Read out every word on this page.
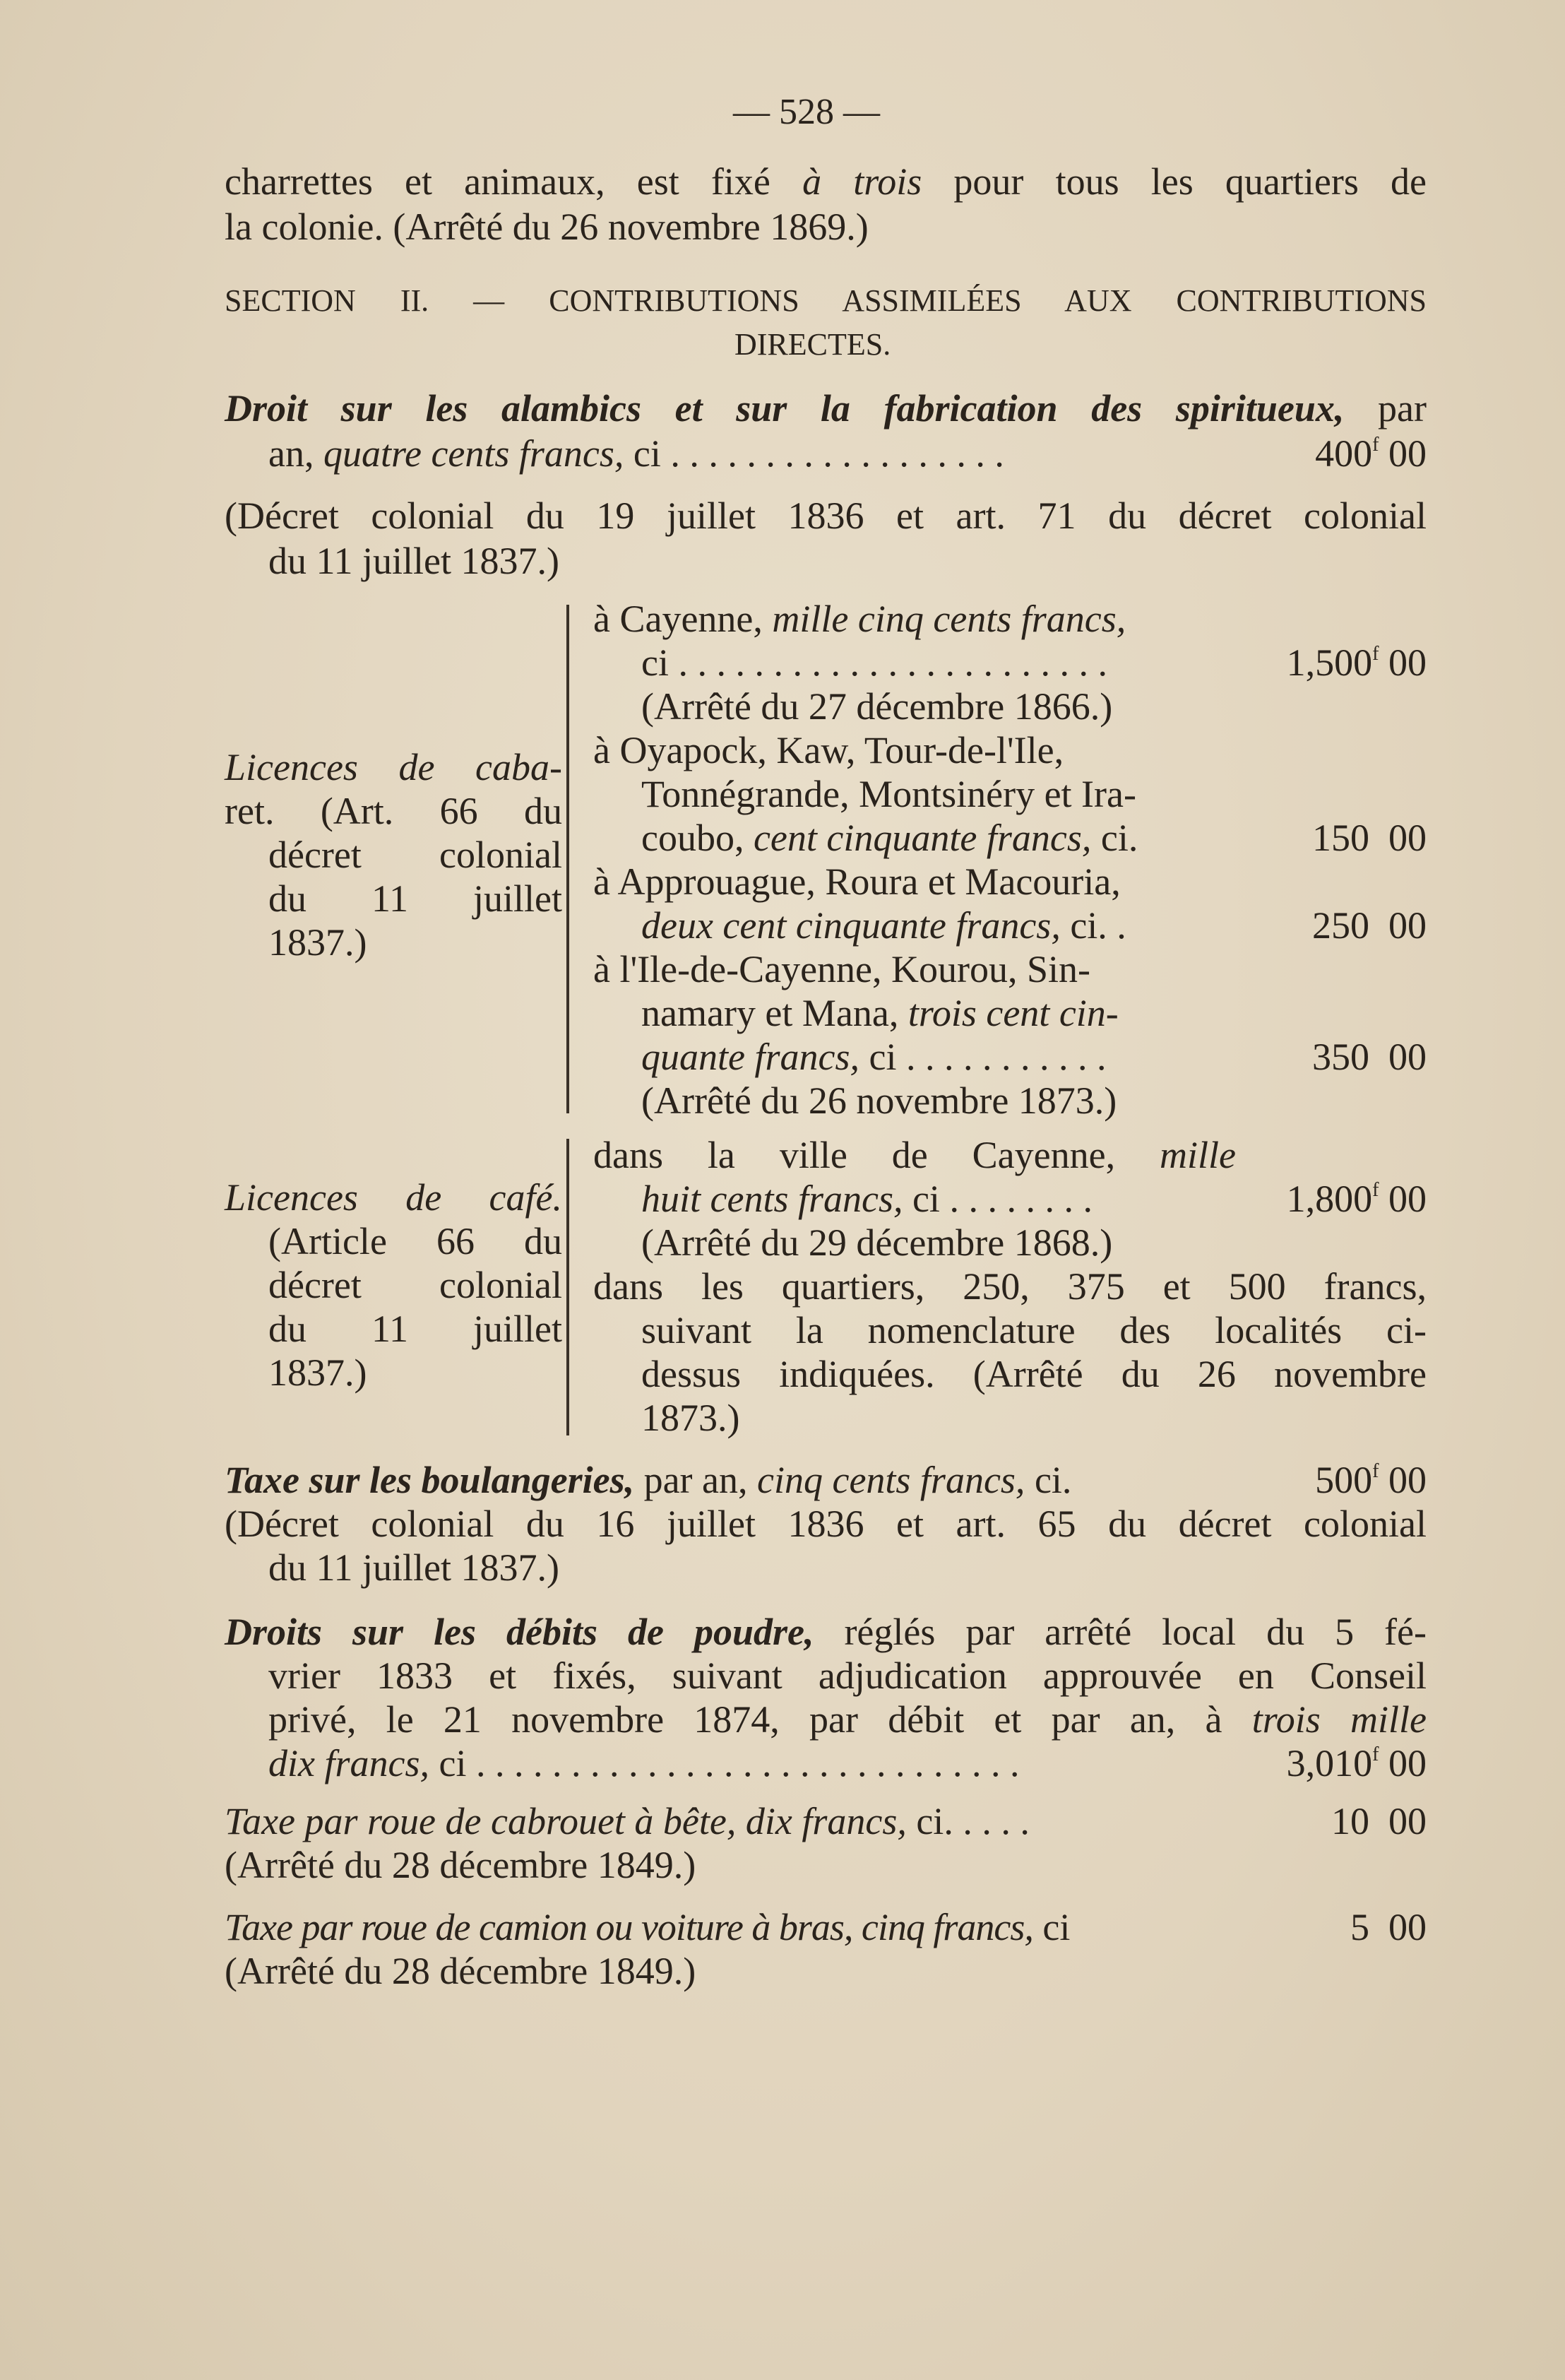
— 528 —
charrettes et animaux, est fixé à trois pour tous les quartiers de
la colonie. (Arrêté du 26 novembre 1869.)
SECTION II. — CONTRIBUTIONS ASSIMILÉES AUX CONTRIBUTIONS
DIRECTES.
Droit sur les alambics et sur la fabrication des spiritueux, par
an, quatre cents francs, ci . . . . . . . . . . . . . . . . . .	400$^f$ 00
(Décret colonial du 19 juillet 1836 et art. 71 du décret colonial
du 11 juillet 1837.)
Licences de caba-
ret. (Art. 66 du
décret colonial
du 11 juillet
1837.)
à Cayenne, mille cinq cents francs,
ci . . . . . . . . . . . . . . . . . . . . . . .	1,500$^f$ 00
(Arrêté du 27 décembre 1866.)
à Oyapock, Kaw, Tour-de-l'Ile,
Tonnégrande, Montsinéry et Ira-
coubo, cent cinquante francs, ci.	150  00
à Approuague, Roura et Macouria,
deux cent cinquante francs, ci. .	250  00
à l'Ile-de-Cayenne, Kourou, Sin-
namary et Mana, trois cent cin-
quante francs, ci . . . . . . . . . . .	350  00
(Arrêté du 26 novembre 1873.)
Licences de café.
(Article 66 du
décret colonial
du 11 juillet
1837.)
dans la ville de Cayenne, mille
huit cents francs, ci . . . . . . . .	1,800$^f$ 00
(Arrêté du 29 décembre 1868.)
dans les quartiers, 250, 375 et 500 francs,
suivant la nomenclature des localités ci-
dessus indiquées. (Arrêté du 26 novembre
1873.)
Taxe sur les boulangeries, par an, cinq cents francs, ci.	500$^f$ 00
(Décret colonial du 16 juillet 1836 et art. 65 du décret colonial
du 11 juillet 1837.)
Droits sur les débits de poudre, réglés par arrêté local du 5 fé-
vrier 1833 et fixés, suivant adjudication approuvée en Conseil
privé, le 21 novembre 1874, par débit et par an, à trois mille
dix francs, ci . . . . . . . . . . . . . . . . . . . . . . . . . . . . .	3,010$^f$ 00
Taxe par roue de cabrouet à bête, dix francs, ci. . . . .	10  00
(Arrêté du 28 décembre 1849.)
Taxe par roue de camion ou voiture à bras, cinq francs, ci	5  00
(Arrêté du 28 décembre 1849.)
